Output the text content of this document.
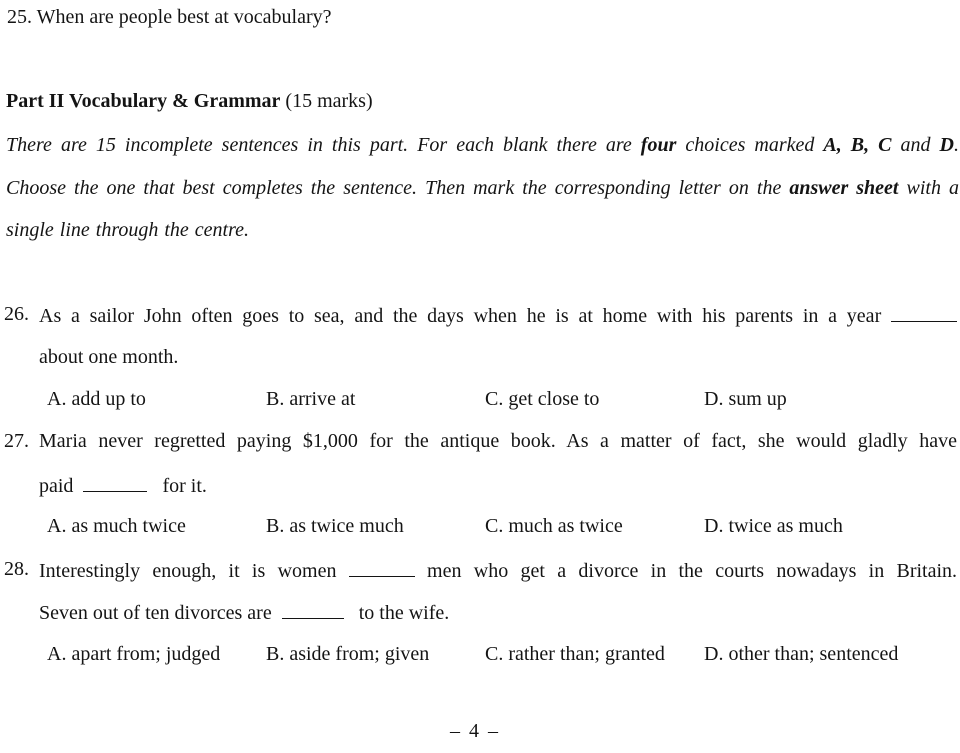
25. When are people best at vocabulary?
Part II Vocabulary & Grammar (15 marks)
There are 15 incomplete sentences in this part. For each blank there are four choices marked A, B, C and D. Choose the one that best completes the sentence. Then mark the corresponding letter on the answer sheet with a single line through the centre.
26. As a sailor John often goes to sea, and the days when he is at home with his parents in a year
about one month.
A. add up to	B. arrive at	C. get close to	D. sum up
27. Maria never regretted paying $1,000 for the antique book. As a matter of fact, she would gladly have
paid	for it.
A. as much twice	B. as twice much	C. much as twice	D. twice as much
28. Interestingly enough, it is women	men who get a divorce in the courts nowadays in Britain.
Seven out of ten divorces are	to the wife.
A. apart from; judged B. aside from; given	C. rather than; granted D. other than; sentenced
– 4 –
